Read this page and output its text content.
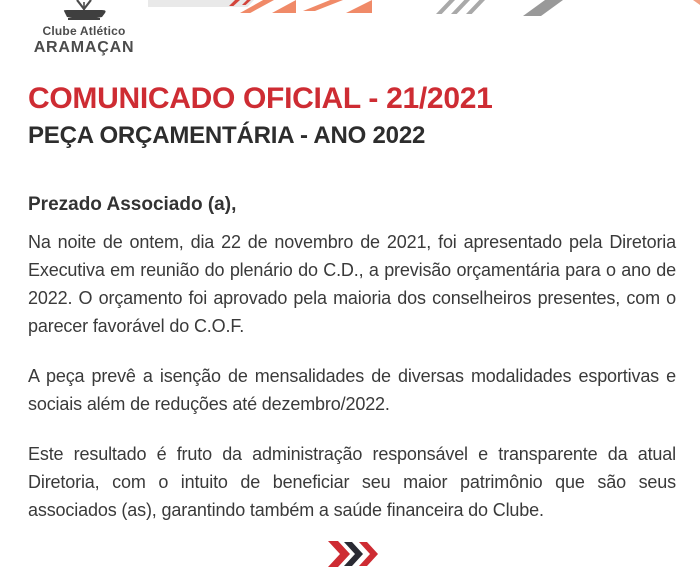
Clube Atlético
ARAMAÇAN
COMUNICADO OFICIAL - 21/2021
PEÇA ORÇAMENTÁRIA - ANO 2022
Prezado Associado (a),

Na noite de ontem, dia 22 de novembro de 2021, foi apresentado pela Diretoria Executiva em reunião do plenário do C.D., a previsão orçamentária para o ano de 2022. O orçamento foi aprovado pela maioria dos conselheiros presentes, com o parecer favorável do C.O.F.

A peça prevê a isenção de mensalidades de diversas modalidades esportivas e sociais além de reduções até dezembro/2022.

Este resultado é fruto da administração responsável e transparente da atual Diretoria, com o intuito de beneficiar seu maior patrimônio que são seus associados (as), garantindo também a saúde financeira do Clube.
